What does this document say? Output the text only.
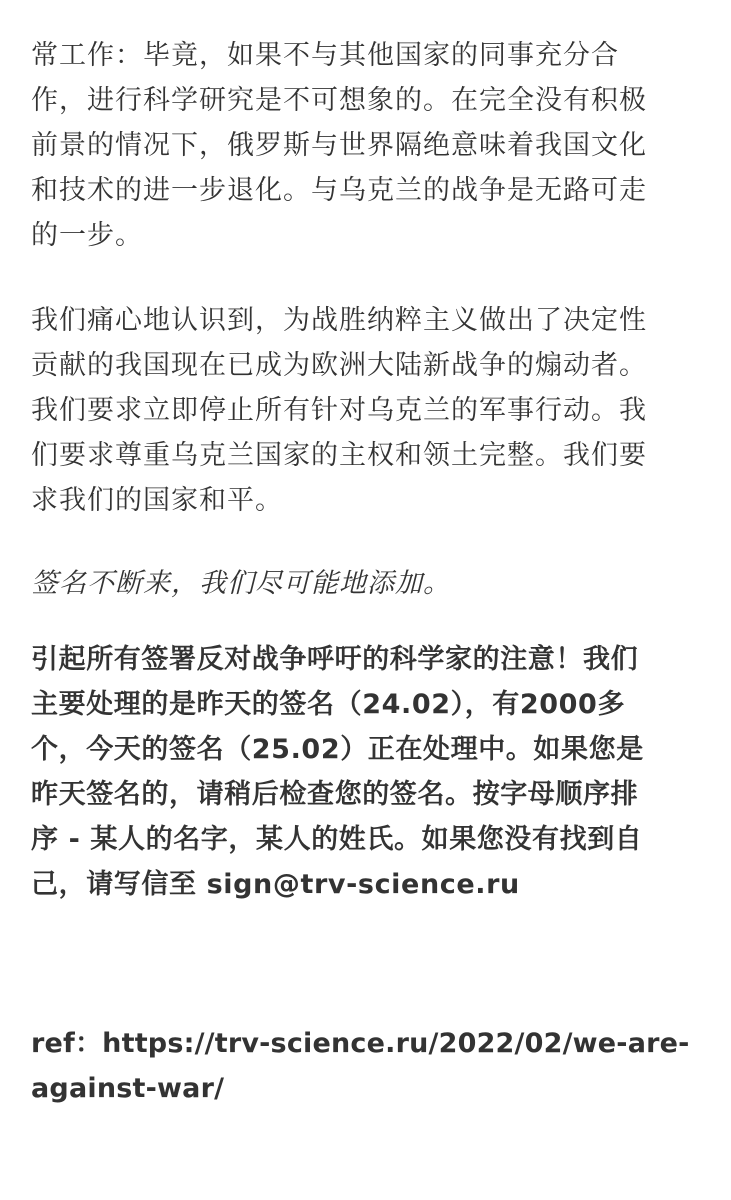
常工作：毕竟，如果不与其他国家的同事充分合
作，进行科学研究是不可想象的。在完全没有积极
前景的情况下，俄罗斯与世界隔绝意味着我国文化
和技术的进一步退化。与乌克兰的战争是无路可走
的一步。

我们痛心地认识到，为战胜纳粹主义做出了决定性
贡献的我国现在已成为欧洲大陆新战争的煽动者。
我们要求立即停止所有针对乌克兰的军事行动。我
们要求尊重乌克兰国家的主权和领土完整。我们要
求我们的国家和平。

签名不断来，我们尽可能地添加。

引起所有签署反对战争呼吁的科学家的注意！我们
主要处理的是昨天的签名（24.02），有2000多
个，今天的签名（25.02）正在处理中。如果您是
昨天签名的，请稍后检查您的签名。按字母顺序排
序 - 某人的名字，某人的姓氏。如果您没有找到自
己，请写信至 sign@trv-science.ru

ref：https://trv-science.ru/2022/02/we-are-
against-war/
